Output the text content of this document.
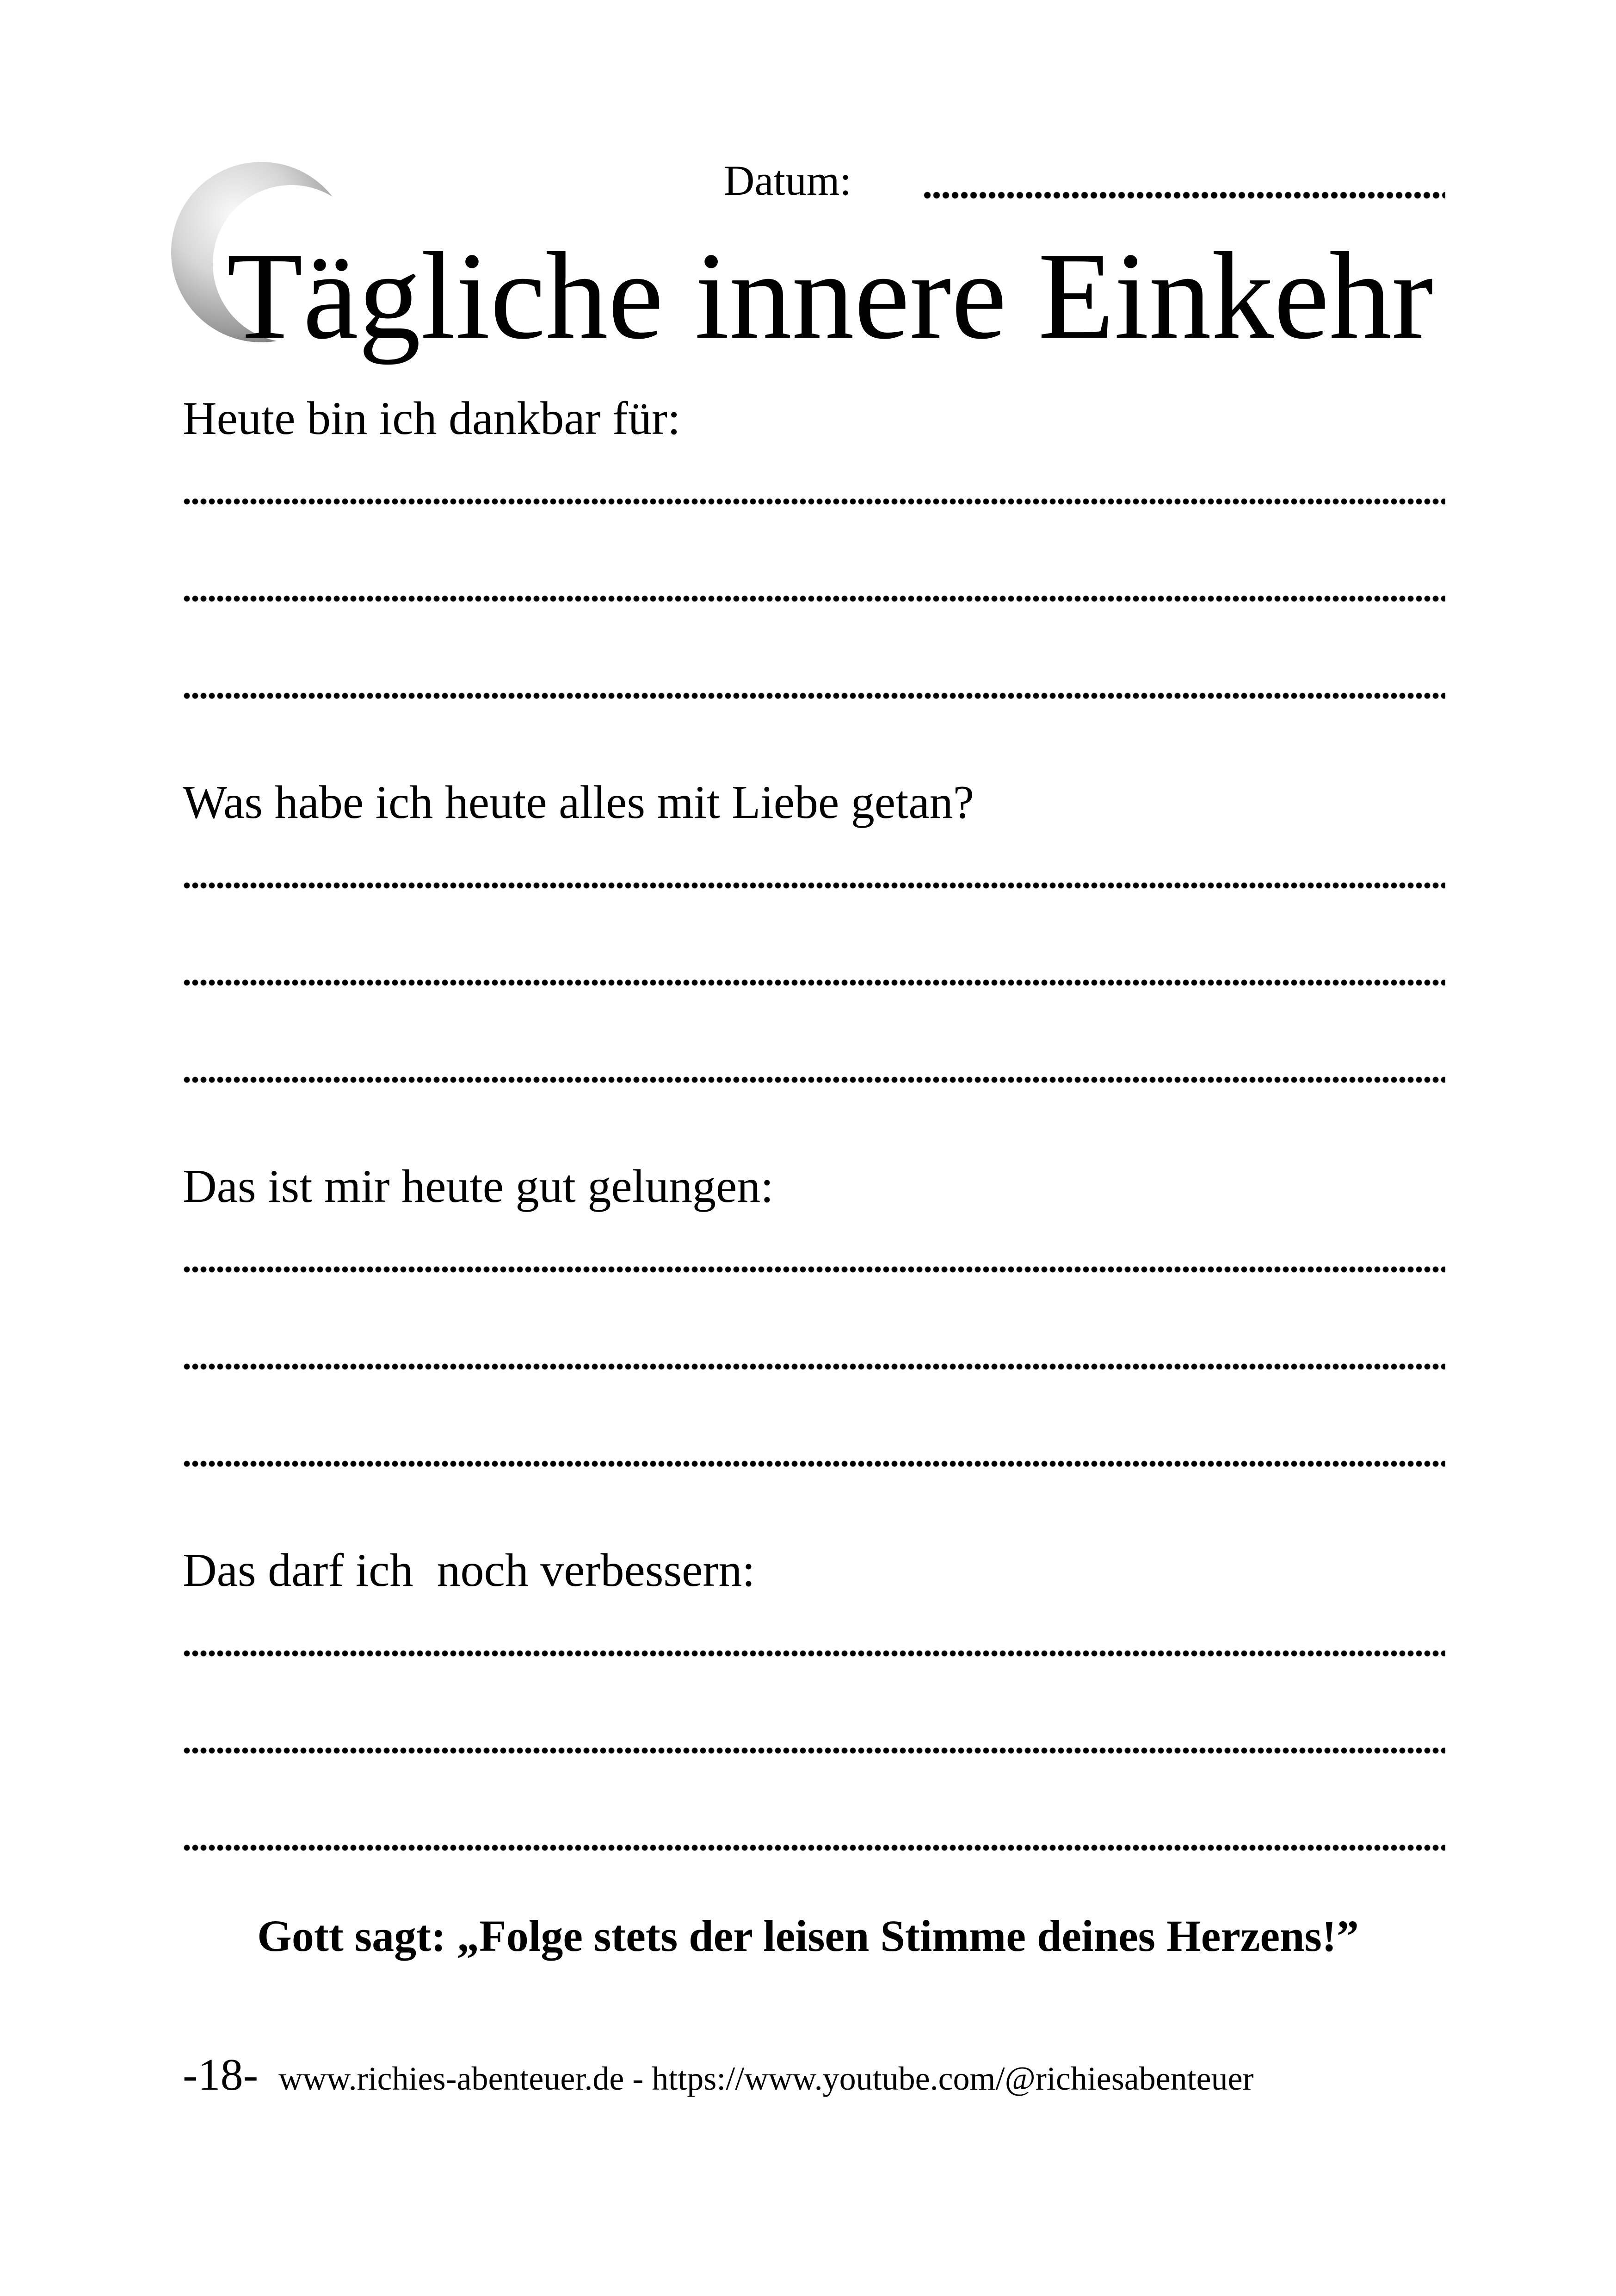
Datum:
Tägliche innere Einkehr

Heute bin ich dankbar für:

Was habe ich heute alles mit Liebe getan?

Das ist mir heute gut gelungen:

Das darf ich  noch verbessern:

Gott sagt: „Folge stets der leisen Stimme deines Herzens!”
-18- www.richies-abenteuer.de - https://www.youtube.com/@richiesabenteuer
